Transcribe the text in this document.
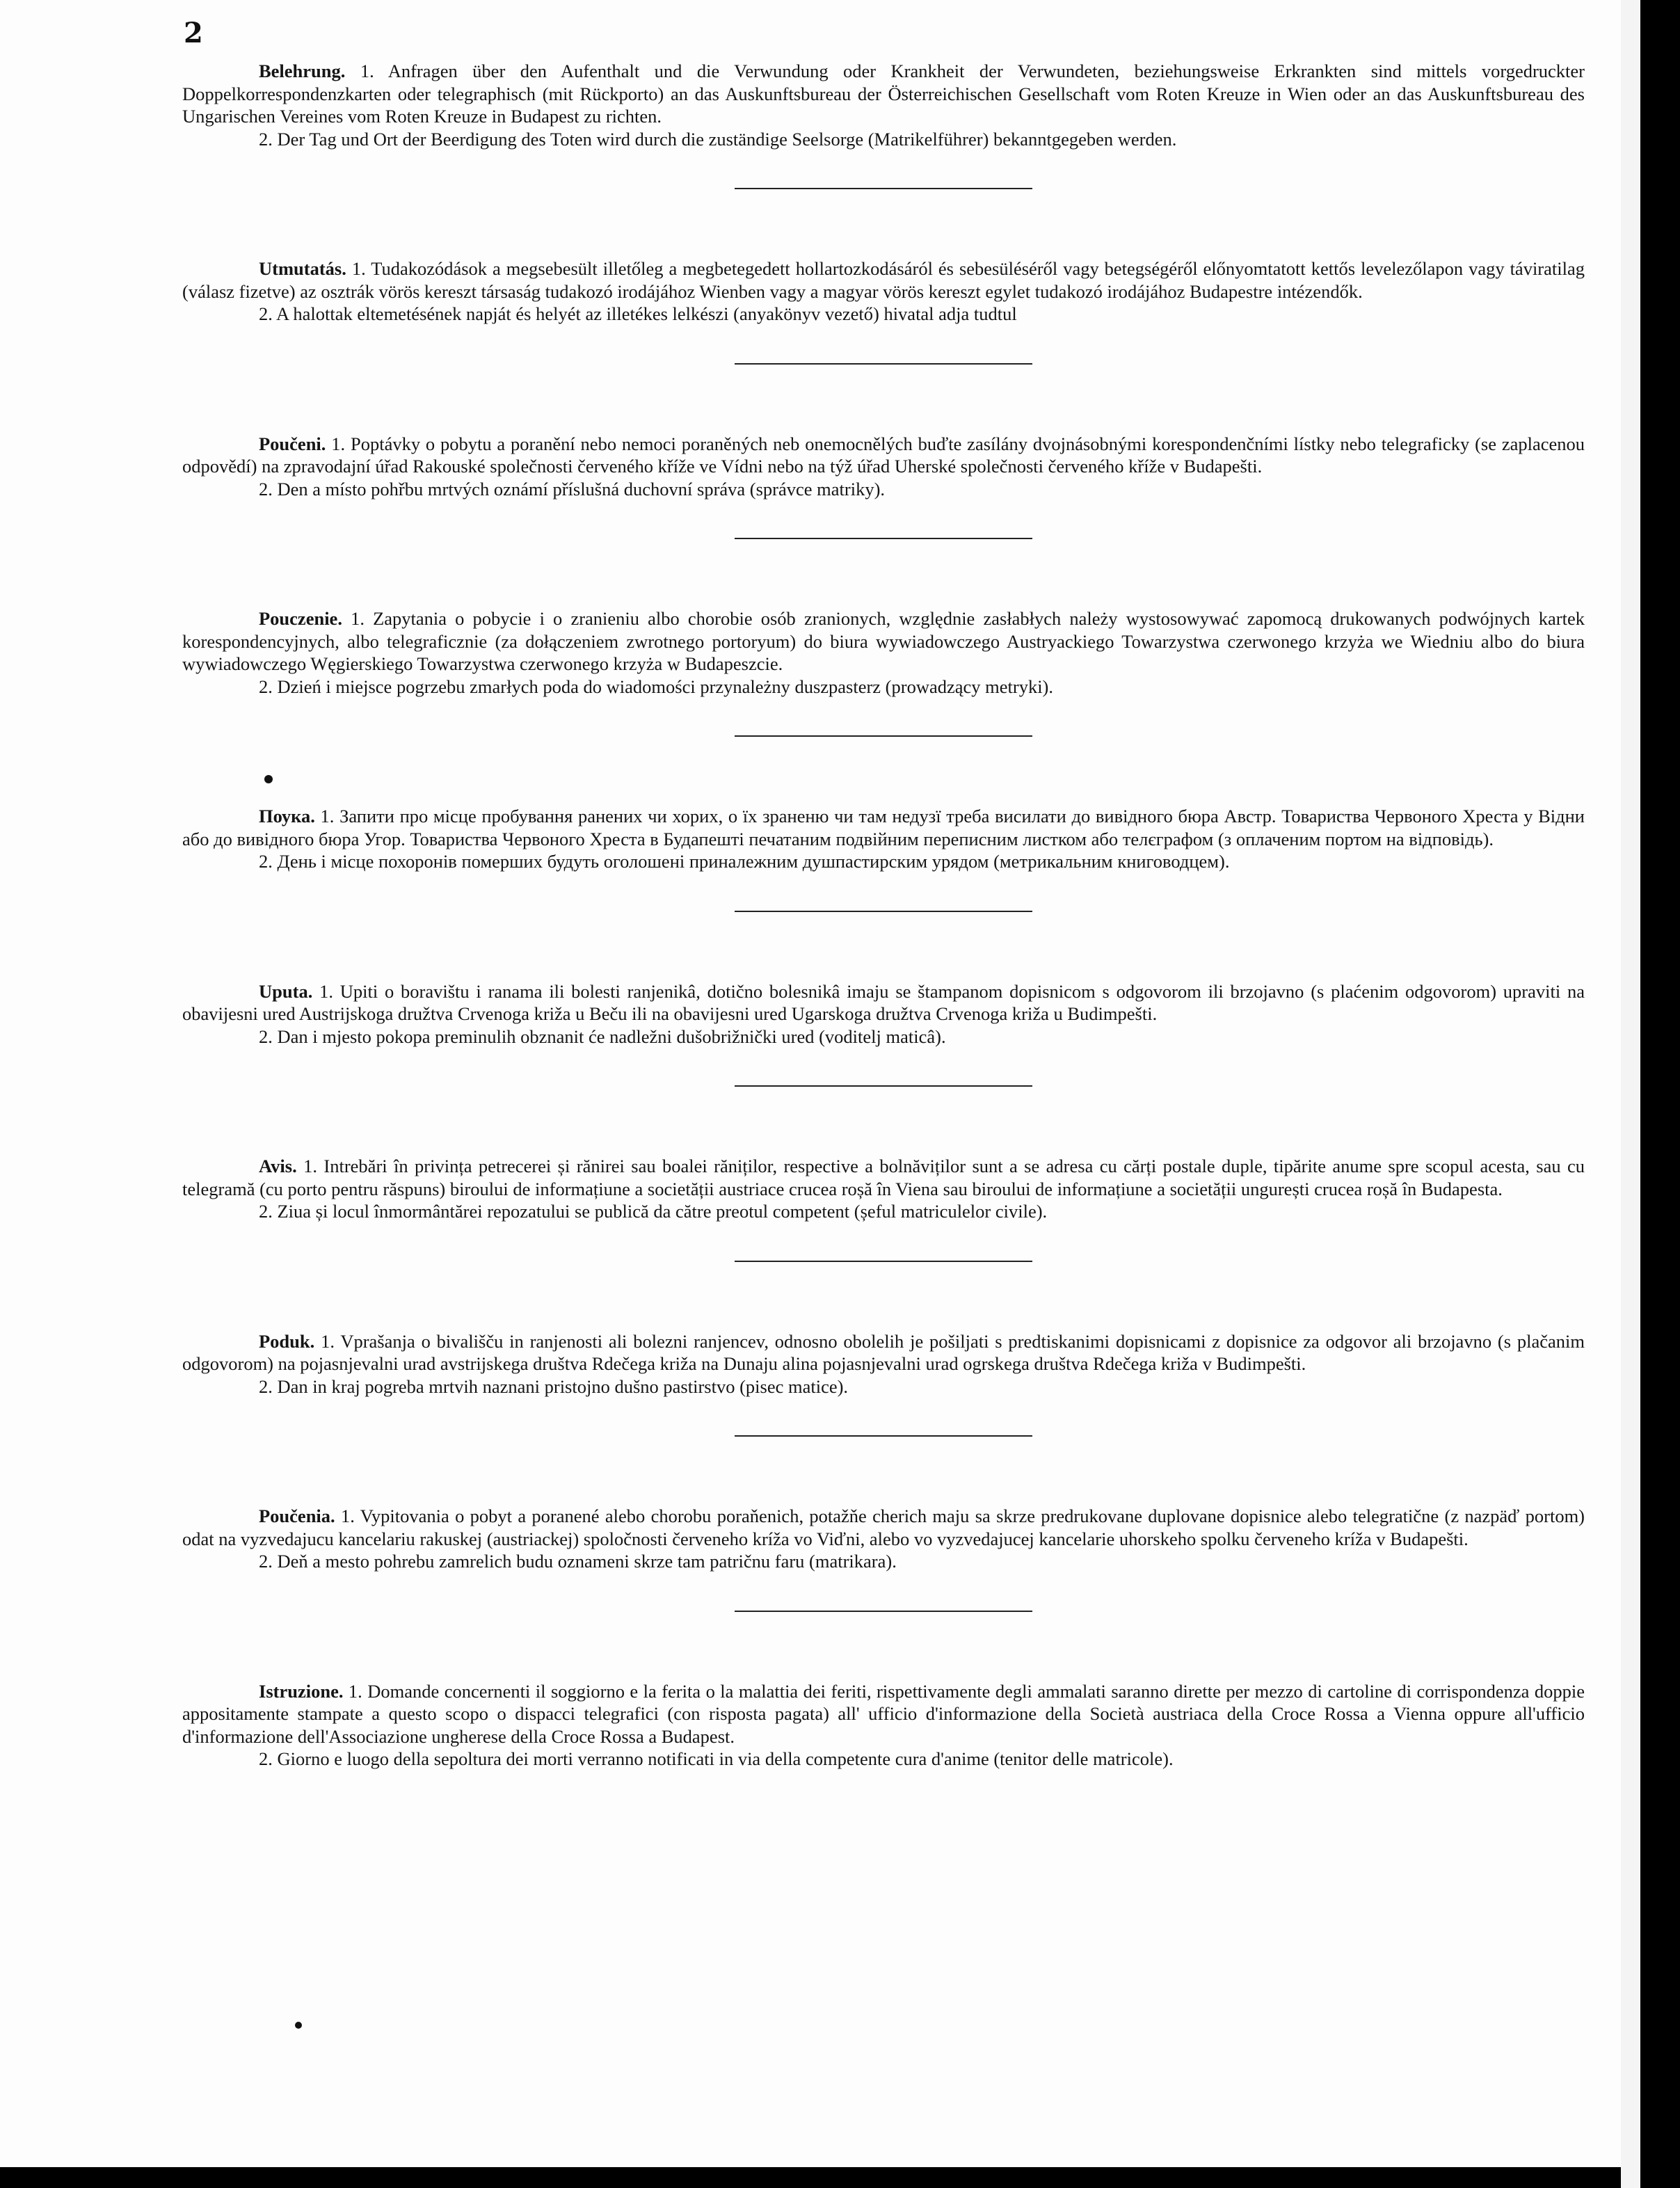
2

Belehrung. 1. Anfragen über den Aufenthalt und die Verwundung oder Krankheit der Verwundeten, beziehungsweise Erkrankten sind mittels vorgedruckter Doppelkorrespondenzkarten oder telegraphisch (mit Rückporto) an das Auskunftsbureau der Österreichischen Gesellschaft vom Roten Kreuze in Wien oder an das Auskunftsbureau des Ungarischen Vereines vom Roten Kreuze in Budapest zu richten.

2. Der Tag und Ort der Beerdigung des Toten wird durch die zuständige Seelsorge (Matrikelführer) bekanntgegeben werden.

Utmutatás. 1. Tudakozódások a megsebesült illetőleg a megbetegedett hollartozkodásáról és sebesüléséről vagy betegségéről előnyomtatott kettős levelezőlapon vagy táviratilag (válasz fizetve) az osztrák vörös kereszt társaság tudakozó irodájához Wienben vagy a magyar vörös kereszt egylet tudakozó irodájához Budapestre intézendők.

2. A halottak eltemetésének napját és helyét az illetékes lelkészi (anyakönyv vezető) hivatal adja tudtul

Poučeni. 1. Poptávky o pobytu a poranění nebo nemoci poraněných neb onemocnělých buďte zasílány dvojnásobnými korespondenčními lístky nebo telegraficky (se zaplacenou odpovědí) na zpravodajní úřad Rakouské společnosti červeného kříže ve Vídni nebo na týž úřad Uherské společnosti červeného kříže v Budapešti.

2. Den a místo pohřbu mrtvých oznámí příslušná duchovní správa (správce matriky).

Pouczenie. 1. Zapytania o pobycie i o zranieniu albo chorobie osób zranionych, względnie zasłabłych należy wystosowywać zapomocą drukowanych podwójnych kartek korespondencyjnych, albo telegraficznie (za dołączeniem zwrotnego portoryum) do biura wywiadowczego Austryackiego Towarzystwa czerwonego krzyża we Wiedniu albo do biura wywiadowczego Węgierskiego Towarzystwa czerwonego krzyża w Budapeszcie.

2. Dzień i miejsce pogrzebu zmarłych poda do wiadomości przynależny duszpasterz (prowadzący metryki).

Поука. 1. Запити про місце пробування ранених чи хорих, о їх зраненю чи там недузї треба висилати до вивідного бюра Австр. Товариства Червоного Хреста у Відни або до вивідного бюра Угор. Товариства Червоного Хреста в Будапешті печатаним подвійним переписним листком або телєграфом (з оплаченим портом на відповідь).

2. День і місце похоронів померших будуть оголошені приналежним душпастирским урядом (метрикальним книговодцем).

Uputa. 1. Upiti o boravištu i ranama ili bolesti ranjenikâ, dotično bolesnikâ imaju se štampanom dopisnicom s odgovorom ili brzojavno (s plaćenim odgovorom) upraviti na obavijesni ured Austrijskoga družtva Crvenoga križa u Beču ili na obavijesni ured Ugarskoga družtva Crvenoga križa u Budimpešti.

2. Dan i mjesto pokopa preminulih obznanit će nadležni dušobrižnički ured (voditelj maticâ).

Avis. 1. Intrebări în privința petrecerei și rănirei sau boalei răniților, respective a bolnăviților sunt a se adresa cu cărți postale duple, tipărite anume spre scopul acesta, sau cu telegramă (cu porto pentru răspuns) biroului de informațiune a societății austriace crucea roșă în Viena sau biroului de informațiune a societății ungurești crucea roșă în Budapesta.

2. Ziua și locul înmormântărei repozatului se publică da către preotul competent (șeful matriculelor civile).

Poduk. 1. Vprašanja o bivališču in ranjenosti ali bolezni ranjencev, odnosno obolelih je pošiljati s predtiskanimi dopisnicami z dopisnice za odgovor ali brzojavno (s plačanim odgovorom) na pojasnjevalni urad avstrijskega društva Rdečega križa na Dunaju alina pojasnjevalni urad ogrskega društva Rdečega križa v Budimpešti.

2. Dan in kraj pogreba mrtvih naznani pristojno dušno pastirstvo (pisec matice).

Poučenia. 1. Vypitovania o pobyt a poranené alebo chorobu poraňenich, potažňe cherich maju sa skrze predrukovane duplovane dopisnice alebo telegratične (z nazpäď portom) odat na vyzvedajucu kancelariu rakuskej (austriackej) spoločnosti červeneho kríža vo Viďni, alebo vo vyzvedajucej kancelarie uhorskeho spolku červeneho kríža v Budapešti.

2. Deň a mesto pohrebu zamrelich budu oznameni skrze tam patričnu faru (matrikara).

Istruzione. 1. Domande concernenti il soggiorno e la ferita o la malattia dei feriti, rispettivamente degli ammalati saranno dirette per mezzo di cartoline di corrispondenza doppie appositamente stampate a questo scopo o dispacci telegrafici (con risposta pagata) all' ufficio d'informazione della Società austriaca della Croce Rossa a Vienna oppure all'ufficio d'informazione dell'Associazione ungherese della Croce Rossa a Budapest.

2. Giorno e luogo della sepoltura dei morti verranno notificati in via della competente cura d'anime (tenitor delle matricole).
